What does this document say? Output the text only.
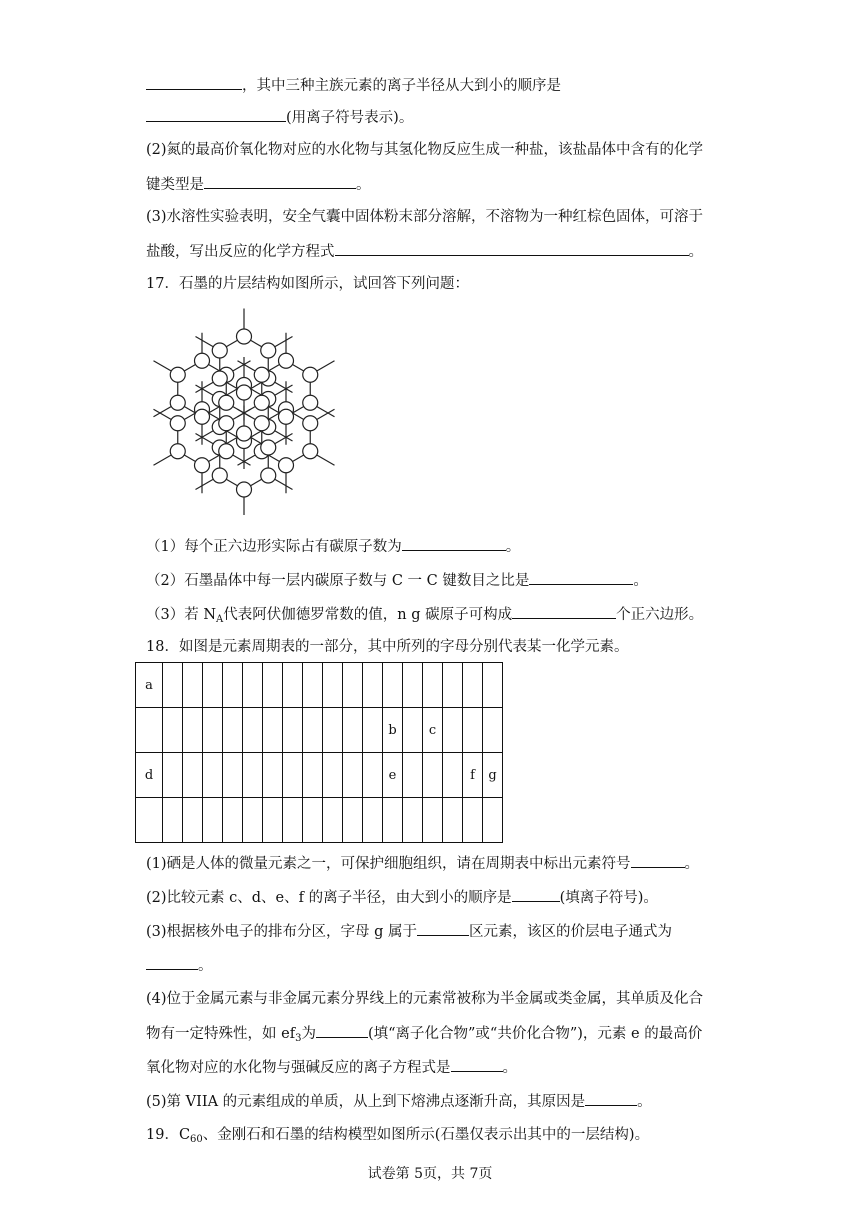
，其中三种主族元素的离子半径从大到小的顺序是
(用离子符号表示)。
(2)氮的最高价氧化物对应的水化物与其氢化物反应生成一种盐，该盐晶体中含有的化学
键类型是	。
(3)水溶性实验表明，安全气囊中固体粉末部分溶解，不溶物为一种红棕色固体，可溶于
盐酸，写出反应的化学方程式	。
17．石墨的片层结构如图所示，试回答下列问题：
（1）每个正六边形实际占有碳原子数为	。
（2）石墨晶体中每一层内碳原子数与 C 一 C 键数目之比是	。
（3）若 $N_A$代表阿伏伽德罗常数的值，n g 碳原子可构成	个正六边形。
18．如图是元素周期表的一部分，其中所列的字母分别代表某一化学元素。
a																	
												b		c			
d												e				f	g

(1)硒是人体的微量元素之一，可保护细胞组织，请在周期表中标出元素符号	。
(2)比较元素 c、d、e、f 的离子半径，由大到小的顺序是	(填离子符号)。
(3)根据核外电子的排布分区，字母 g 属于	区元素，该区的价层电子通式为
。
(4)位于金属元素与非金属元素分界线上的元素常被称为半金属或类金属，其单质及化合
物有一定特殊性，如 $ef_3$为	(填“离子化合物”或“共价化合物”)，元素 e 的最高价
氧化物对应的水化物与强碱反应的离子方程式是	。
(5)第 VIIA 的元素组成的单质，从上到下熔沸点逐渐升高，其原因是	。
19．$C_{60}$、金刚石和石墨的结构模型如图所示(石墨仅表示出其中的一层结构)。
试卷第 5页，共 7页
